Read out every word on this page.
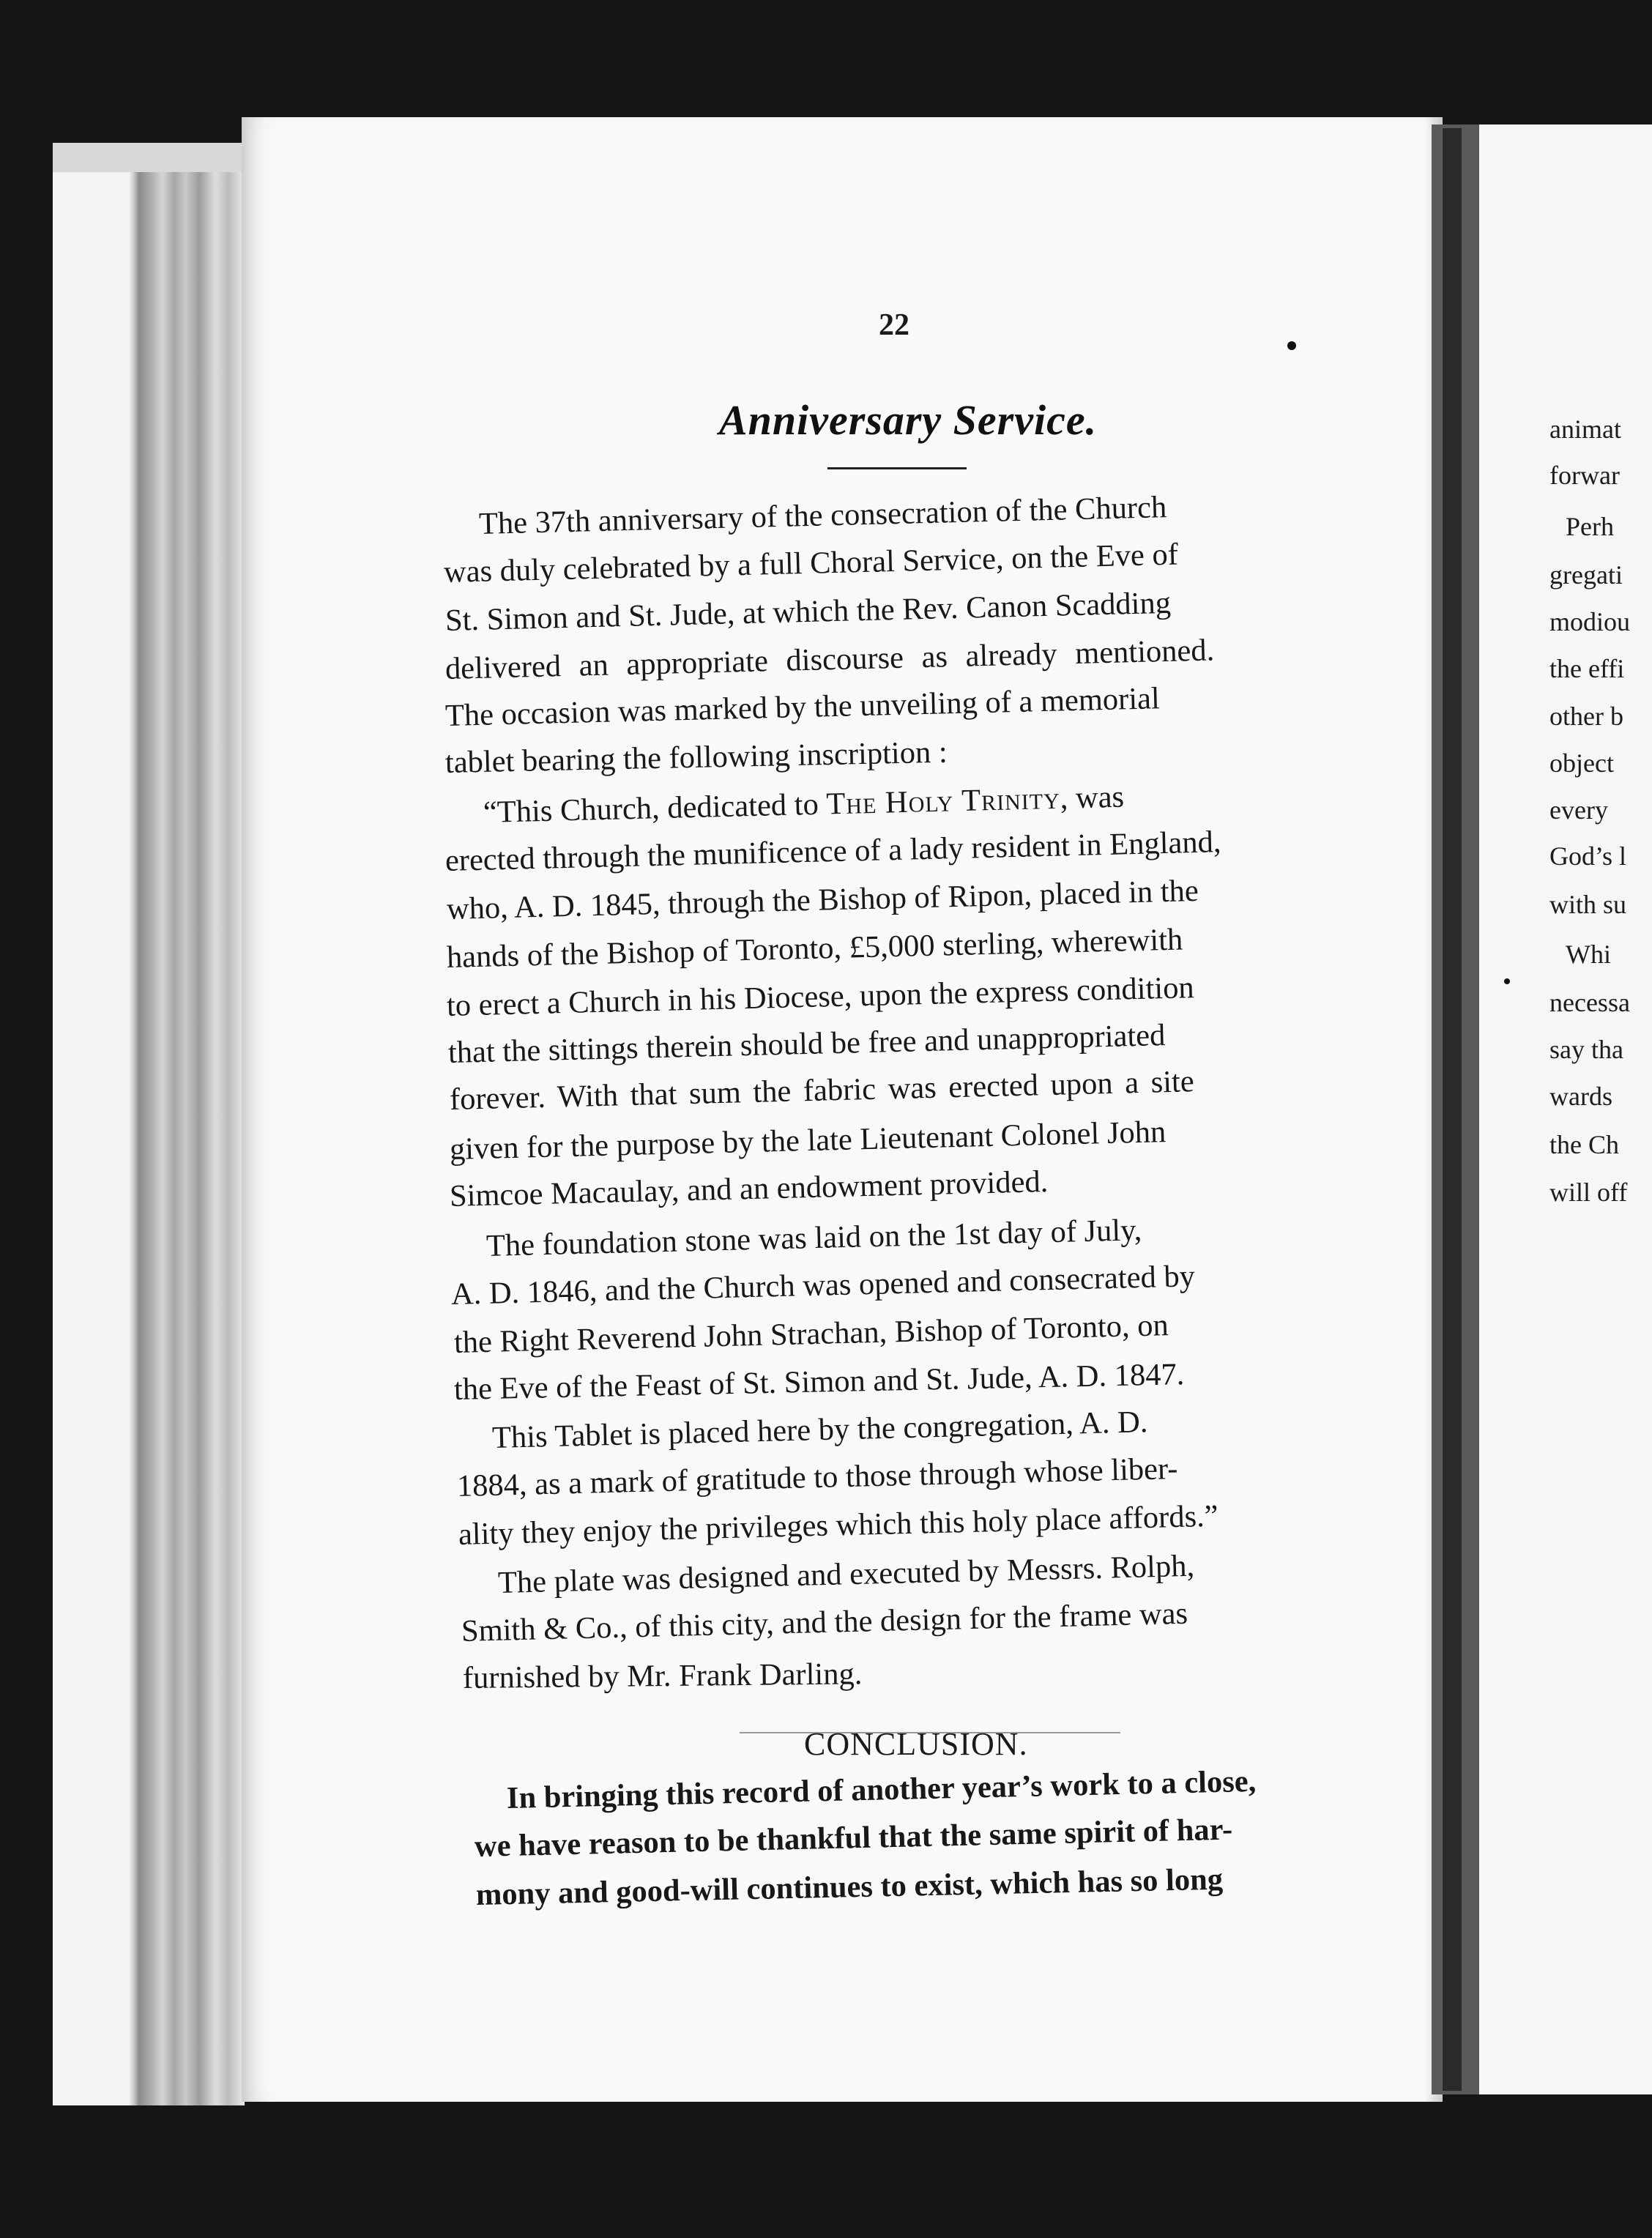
animat
forwar
Perh
gregati
modiou
the effi
other b
object
every
God’s l
with su
Whi
necessa
say tha
wards
the Ch
will off
22
Anniversary Service.
The 37th anniversary of the consecration of the Church
was duly celebrated by a full Choral Service, on the Eve of
St. Simon and St. Jude, at which the Rev. Canon Scadding
delivered an appropriate discourse as already mentioned.
The occasion was marked by the unveiling of a memorial
tablet bearing the following inscription :
“This Church, dedicated to The Holy Trinity, was
erected through the munificence of a lady resident in England,
who, A. D. 1845, through the Bishop of Ripon, placed in the
hands of the Bishop of Toronto, £5,000 sterling, wherewith
to erect a Church in his Diocese, upon the express condition
that the sittings therein should be free and unappropriated
forever. With that sum the fabric was erected upon a site
given for the purpose by the late Lieutenant Colonel John
Simcoe Macaulay, and an endowment provided.
The foundation stone was laid on the 1st day of July,
A. D. 1846, and the Church was opened and consecrated by
the Right Reverend John Strachan, Bishop of Toronto, on
the Eve of the Feast of St. Simon and St. Jude, A. D. 1847.
This Tablet is placed here by the congregation, A. D.
1884, as a mark of gratitude to those through whose liber-
ality they enjoy the privileges which this holy place affords.”
The plate was designed and executed by Messrs. Rolph,
Smith & Co., of this city, and the design for the frame was
furnished by Mr. Frank Darling.
CONCLUSION.
In bringing this record of another year’s work to a close,
we have reason to be thankful that the same spirit of har-
mony and good-will continues to exist, which has so long
